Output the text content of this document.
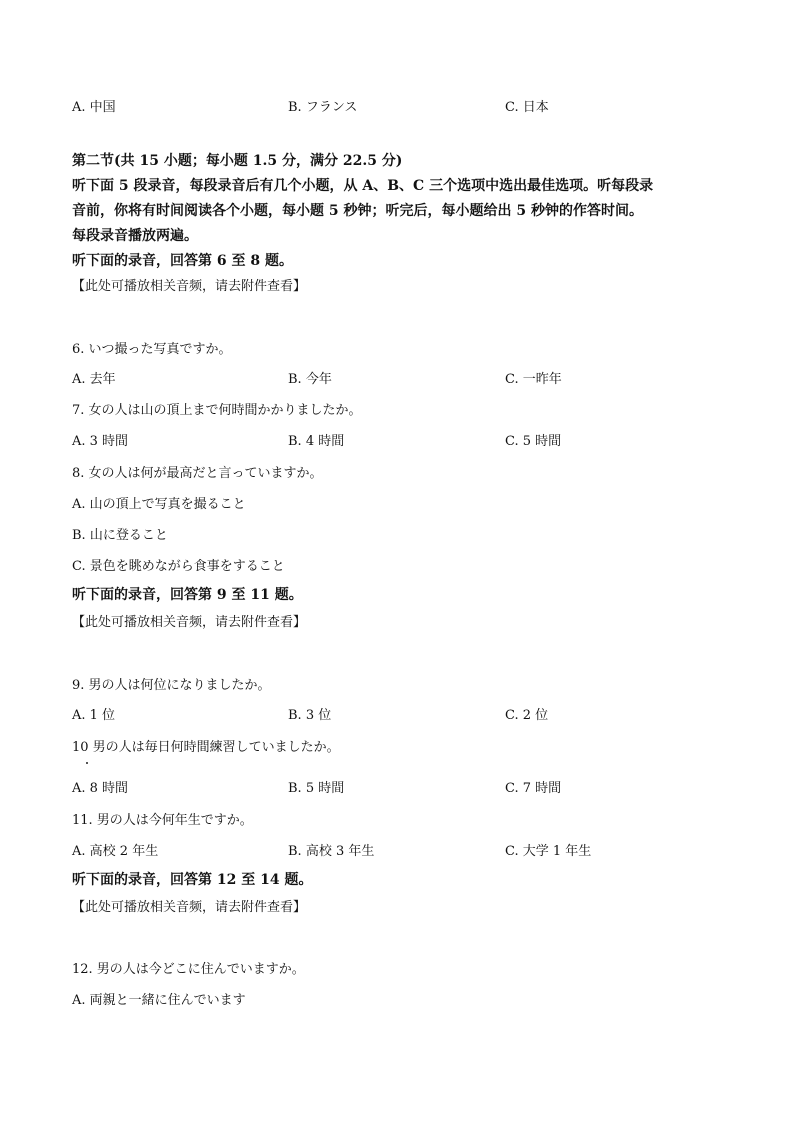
A. 中国	B. フランス	C. 日本
第二节(共 15 小题；每小题 1.5 分，满分 22.5 分)
听下面 5 段录音，每段录音后有几个小题，从 A、B、C 三个选项中选出最佳选项。听每段录
音前，你将有时间阅读各个小题，每小题 5 秒钟；听完后，每小题给出 5 秒钟的作答时间。
每段录音播放两遍。
听下面的录音，回答第 6 至 8 题。
【此处可播放相关音频，请去附件查看】
6. いつ撮った写真ですか。
A. 去年	B. 今年	C. 一昨年
7. 女の人は山の頂上まで何時間かかりましたか。
A. 3 時間	B. 4 時間	C. 5 時間
8. 女の人は何が最高だと言っていますか。
A. 山の頂上で写真を撮ること
B. 山に登ること
C. 景色を眺めながら食事をすること
听下面的录音，回答第 9 至 11 题。
【此处可播放相关音频，请去附件查看】
9. 男の人は何位になりましたか。
A. 1 位	B. 3 位	C. 2 位
10 男の人は毎日何時間練習していましたか。
A. 8 時間	B. 5 時間	C. 7 時間
11. 男の人は今何年生ですか。
A. 高校 2 年生	B. 高校 3 年生	C. 大学 1 年生
听下面的录音，回答第 12 至 14 题。
【此处可播放相关音频，请去附件查看】
12. 男の人は今どこに住んでいますか。
A. 両親と一緒に住んでいます
